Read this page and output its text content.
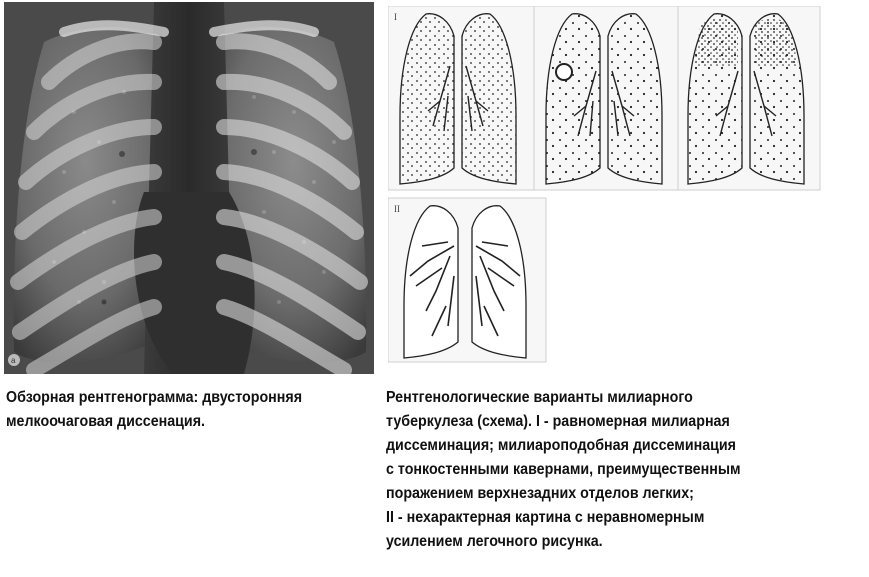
a
I
II

Обзорная рентгенограмма: двусторонняя мелкоочаговая диссенация.

Рентгенологические варианты милиарного
туберкулеза (схема). I - равномерная милиарная
диссеминация; милиароподобная диссеминация
с тонкостенными кавернами, преимущественным
поражением верхнезадних отделов легких;
II - нехарактерная картина с неравномерным
усилением легочного рисунка.
